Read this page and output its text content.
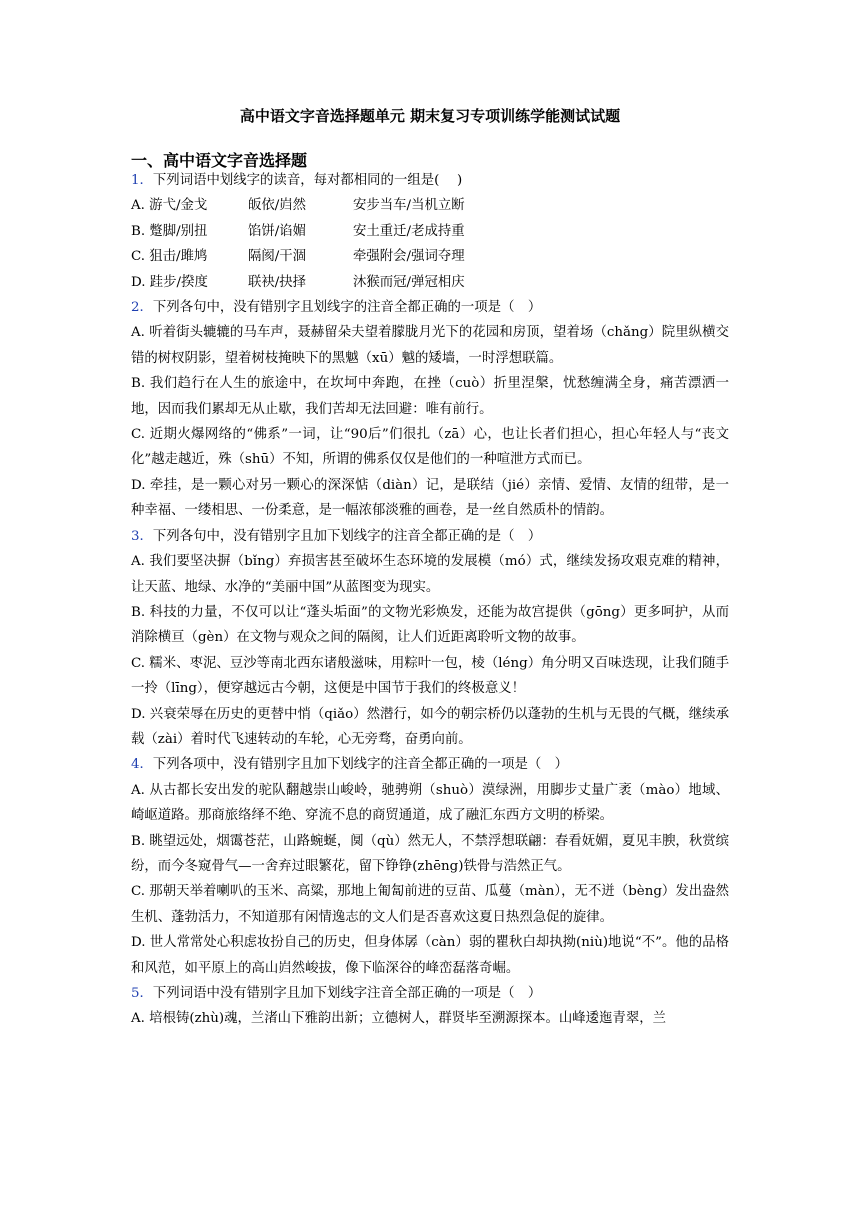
高中语文字音选择题单元 期末复习专项训练学能测试试题
一、高中语文字音选择题

1．下列词语中划线字的读音，每对都相同的一组是(　 )

A. 游弋/金戈	皈依/岿然	安步当车/当机立断

B. 蹩脚/别扭	馅饼/谄媚	安土重迁/老成持重

C. 狙击/雎鸠	隔阂/干涸	牵强附会/强词夺理

D. 跬步/揆度	联袂/抉择	沐猴而冠/弹冠相庆

2．下列各句中，没有错别字且划线字的注音全都正确的一项是（　）

A. 听着街头辘辘的马车声，聂赫留朵夫望着朦胧月光下的花园和房顶，望着场（chǎng）院里纵横交错的树杈阴影，望着树枝掩映下的黑魆（xū）魆的矮墙，一时浮想联篇。

B. 我们趋行在人生的旅途中，在坎坷中奔跑，在挫（cuò）折里涅槃，忧愁缠满全身，痛苦漂洒一地，因而我们累却无从止歇，我们苦却无法回避：唯有前行。

C. 近期火爆网络的“佛系”一词，让“90后”们很扎（zā）心，也让长者们担心，担心年轻人与“丧文化”越走越近，殊（shū）不知，所谓的佛系仅仅是他们的一种喧泄方式而已。

D. 牵挂，是一颗心对另一颗心的深深惦（diàn）记，是联结（jié）亲情、爱情、友情的纽带，是一种幸福、一缕相思、一份柔意，是一幅浓郁淡雅的画卷，是一丝自然质朴的情韵。

3．下列各句中，没有错别字且加下划线字的注音全都正确的是（　）

A. 我们要坚决摒（bǐng）弃损害甚至破坏生态环境的发展模（mó）式，继续发扬攻艰克难的精神，让天蓝、地绿、水净的“美丽中国”从蓝图变为现实。

B. 科技的力量，不仅可以让“蓬头垢面”的文物光彩焕发，还能为故宫提供（gōng）更多呵护，从而消除横亘（gèn）在文物与观众之间的隔阂，让人们近距离聆听文物的故事。

C. 糯米、枣泥、豆沙等南北西东诸般滋味，用粽叶一包，棱（léng）角分明又百味迭现，让我们随手一拎（līng），便穿越远古今朝，这便是中国节于我们的终极意义！

D. 兴衰荣辱在历史的更替中悄（qiǎo）然潜行，如今的朝宗桥仍以蓬勃的生机与无畏的气概，继续承载（zài）着时代飞速转动的车轮，心无旁骛，奋勇向前。

4．下列各项中，没有错别字且加下划线字的注音全都正确的一项是（　）

A. 从古都长安出发的驼队翻越崇山峻岭，驰骋朔（shuò）漠绿洲，用脚步丈量广袤（mào）地域、崎岖道路。那商旅络绎不绝、穿流不息的商贸通道，成了融汇东西方文明的桥梁。

B. 眺望远处，烟霭苍茫，山路蜿蜒，阒（qù）然无人，不禁浮想联翩：春看妩媚，夏见丰腴，秋赏缤纷，而今冬窥骨气—一舍弃过眼繁花，留下铮铮(zhēng)铁骨与浩然正气。

C. 那朝天举着喇叭的玉米、高粱，那地上匍匐前进的豆苗、瓜蔓（màn），无不迸（bèng）发出盎然生机、蓬勃活力，不知道那有闲情逸志的文人们是否喜欢这夏日热烈急促的旋律。

D. 世人常常处心积虑妆扮自己的历史，但身体孱（càn）弱的瞿秋白却执拗(niù)地说“不”。他的品格和风范，如平原上的高山岿然峻拔，像下临深谷的峰峦磊落奇崛。

5．下列词语中没有错别字且加下划线字注音全部正确的一项是（　）

A. 培根铸(zhù)魂，兰渚山下雅韵出新；立德树人，群贤毕至溯源探本。山峰逶迤青翠，兰
